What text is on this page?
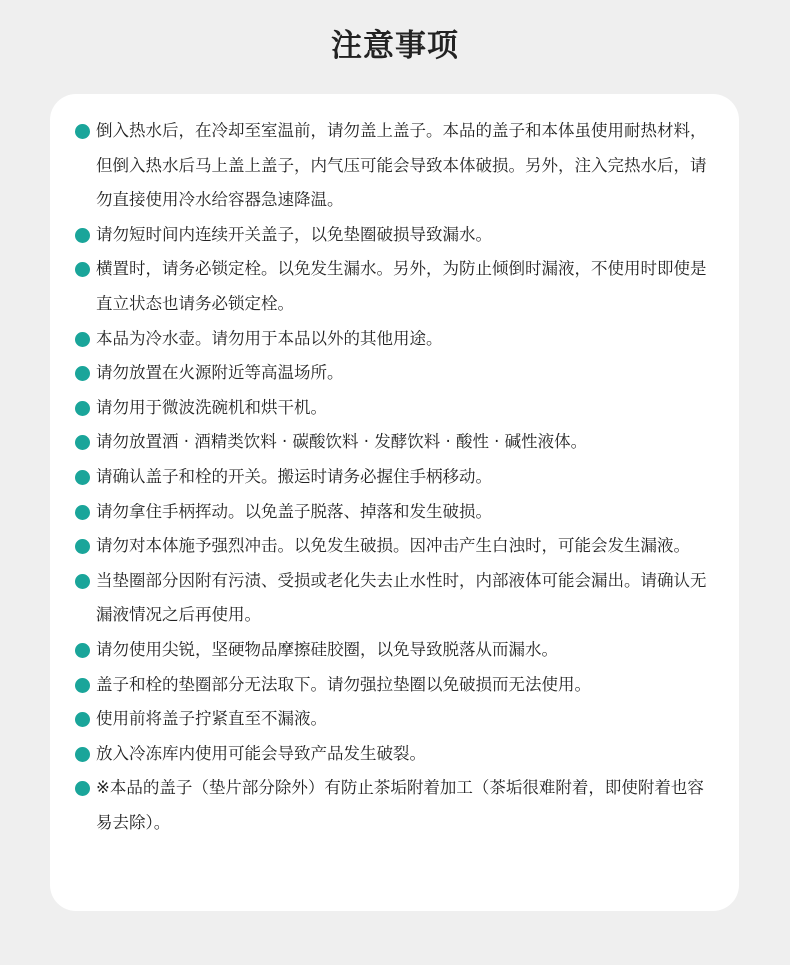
注意事项
倒入热水后，在冷却至室温前，请勿盖上盖子。本品的盖子和本体虽使用耐热材料，但倒入热水后马上盖上盖子，内气压可能会导致本体破损。另外，注入完热水后，请勿直接使用冷水给容器急速降温。
请勿短时间内连续开关盖子，以免垫圈破损导致漏水。
横置时，请务必锁定栓。以免发生漏水。另外，为防止倾倒时漏液，不使用时即使是直立状态也请务必锁定栓。
本品为冷水壶。请勿用于本品以外的其他用途。
请勿放置在火源附近等高温场所。
请勿用于微波洗碗机和烘干机。
请勿放置酒 · 酒精类饮料 · 碳酸饮料 · 发酵饮料 · 酸性 · 碱性液体。
请确认盖子和栓的开关。搬运时请务必握住手柄移动。
请勿拿住手柄挥动。以免盖子脱落、掉落和发生破损。
请勿对本体施予强烈冲击。以免发生破损。因冲击产生白浊时，可能会发生漏液。
当垫圈部分因附有污渍、受损或老化失去止水性时，内部液体可能会漏出。请确认无漏液情况之后再使用。
请勿使用尖锐，坚硬物品摩擦硅胶圈，以免导致脱落从而漏水。
盖子和栓的垫圈部分无法取下。请勿强拉垫圈以免破损而无法使用。
使用前将盖子拧紧直至不漏液。
放入冷冻库内使用可能会导致产品发生破裂。
※本品的盖子（垫片部分除外）有防止茶垢附着加工（茶垢很难附着，即使附着也容易去除）。
